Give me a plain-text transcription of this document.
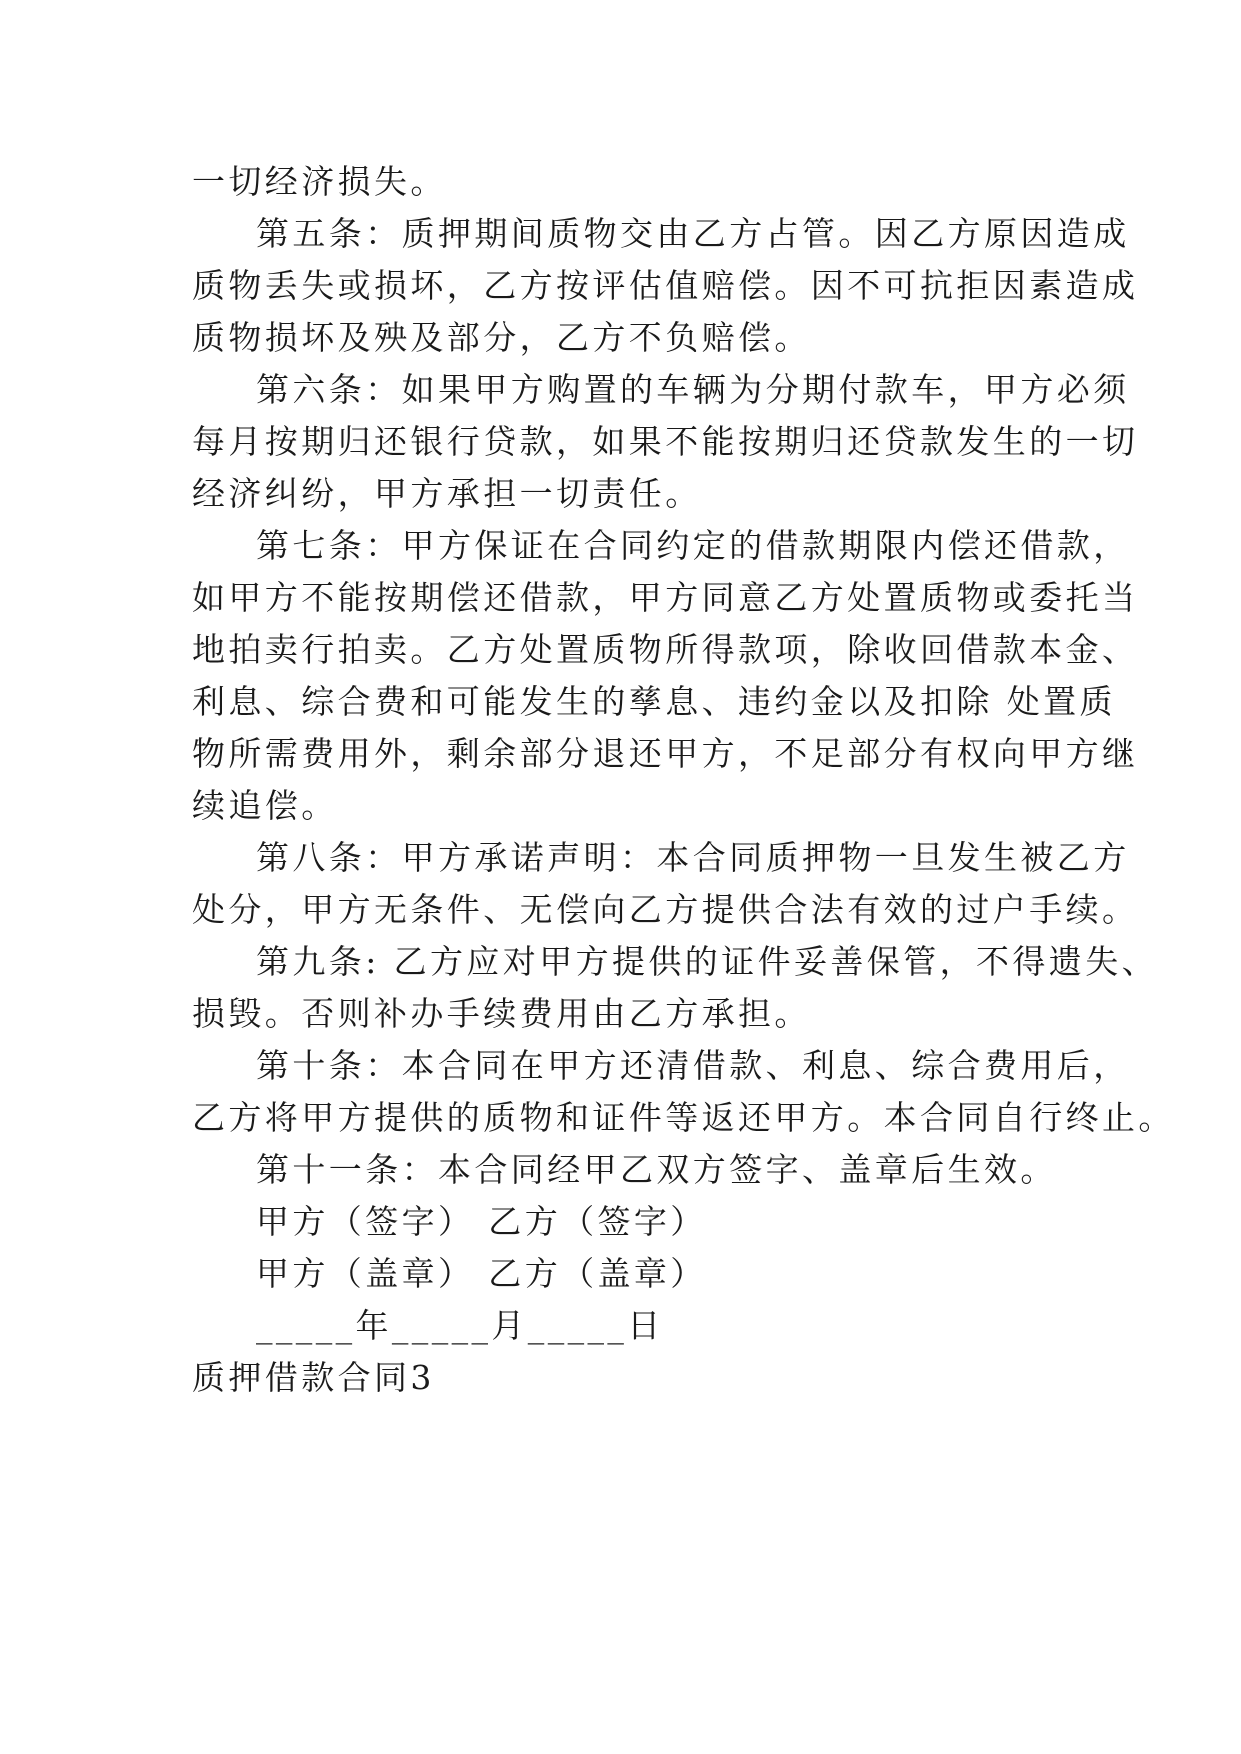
一切经济损失。
第五条：质押期间质物交由乙方占管。因乙方原因造成
质物丢失或损坏，乙方按评估值赔偿。因不可抗拒因素造成
质物损坏及殃及部分，乙方不负赔偿。
第六条：如果甲方购置的车辆为分期付款车，甲方必须
每月按期归还银行贷款，如果不能按期归还贷款发生的一切
经济纠纷，甲方承担一切责任。
第七条：甲方保证在合同约定的借款期限内偿还借款，
如甲方不能按期偿还借款，甲方同意乙方处置质物或委托当
地拍卖行拍卖。乙方处置质物所得款项，除收回借款本金、
利息、综合费和可能发生的孳息、违约金以及扣除 处置质
物所需费用外，剩余部分退还甲方，不足部分有权向甲方继
续追偿。
第八条：甲方承诺声明：本合同质押物一旦发生被乙方
处分，甲方无条件、无偿向乙方提供合法有效的过户手续。
第九条: 乙方应对甲方提供的证件妥善保管，不得遗失、
损毁。否则补办手续费用由乙方承担。
第十条：本合同在甲方还清借款、利息、综合费用后，
乙方将甲方提供的质物和证件等返还甲方。本合同自行终止。
第十一条：本合同经甲乙双方签字、盖章后生效。
甲方（签字） 乙方（签字）
甲方（盖章） 乙方（盖章）
_____年_____月_____日
质押借款合同3
